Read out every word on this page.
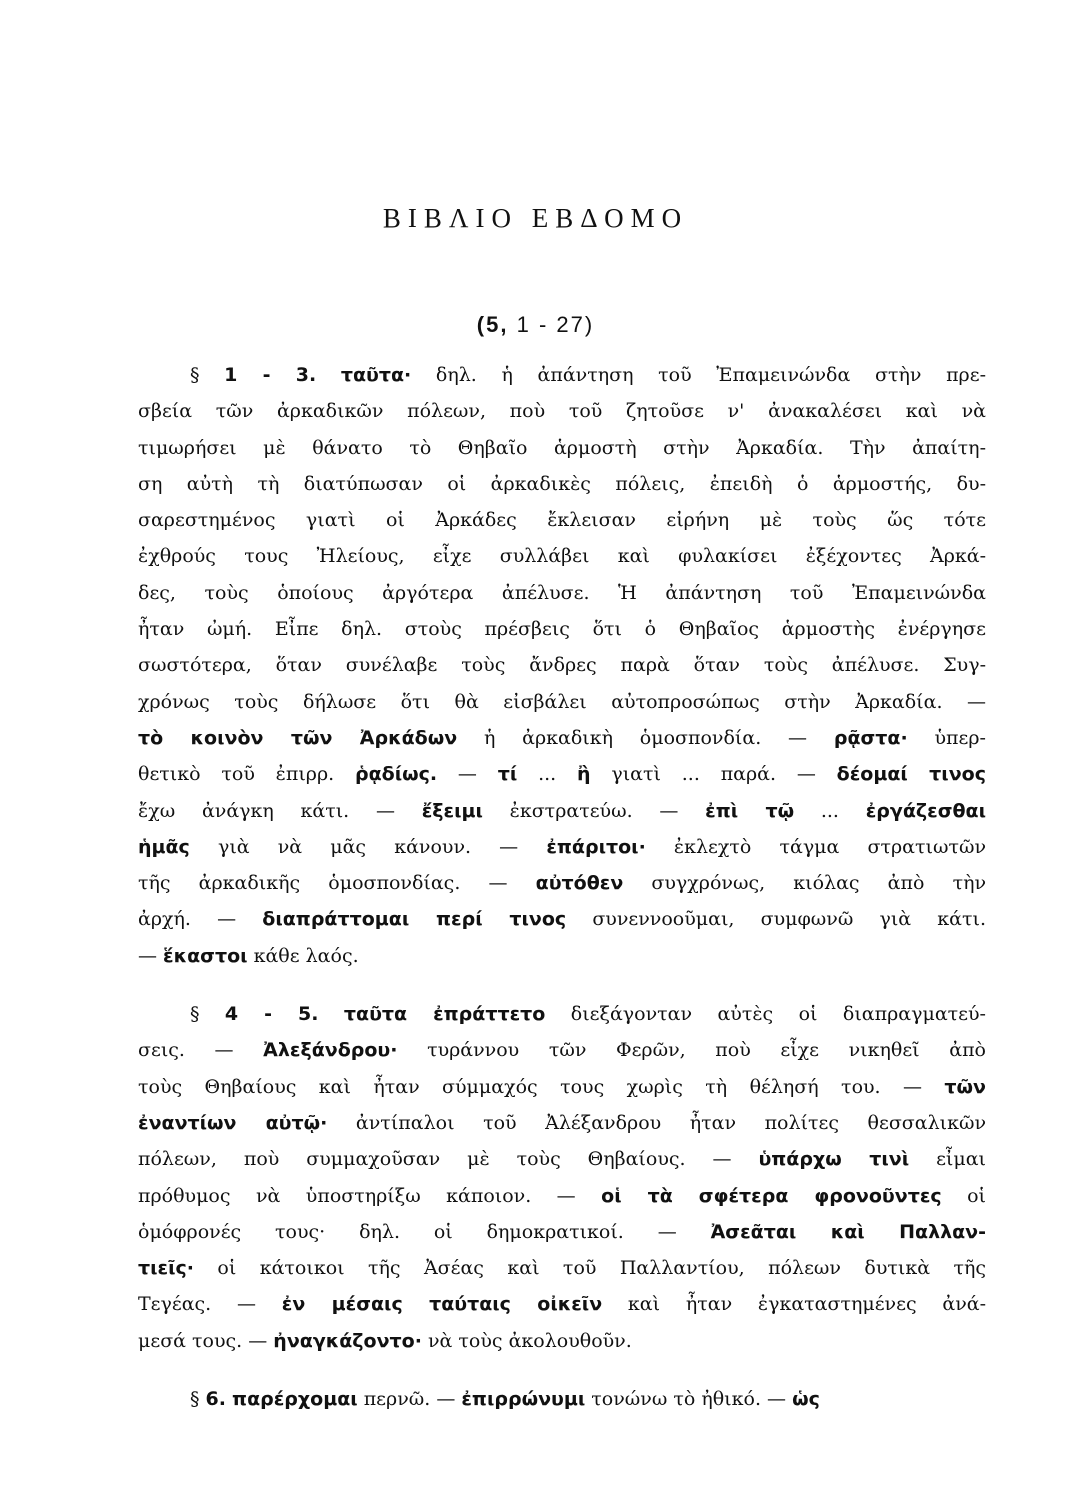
ΒΙΒΛΙΟ ΕΒΔΟΜΟ
(5, 1 - 27)
§ 1 - 3. ταῦτα· δηλ. ἡ ἀπάντηση τοῦ Ἐπαμεινώνδα στὴν πρε-
σβεία τῶν ἀρκαδικῶν πόλεων, ποὺ τοῦ ζητοῦσε ν' ἀνακαλέσει καὶ νὰ
τιμωρήσει μὲ θάνατο τὸ Θηβαῖο ἁρμοστὴ στὴν Ἀρκαδία. Τὴν ἀπαίτη-
ση αὐτὴ τὴ διατύπωσαν οἱ ἀρκαδικὲς πόλεις, ἐπειδὴ ὁ ἁρμοστής, δυ-
σαρεστημένος γιατὶ οἱ Ἀρκάδες ἔκλεισαν εἰρήνη μὲ τοὺς ὥς τότε
ἐχθρούς τους Ἠλείους, εἶχε συλλάβει καὶ φυλακίσει ἐξέχοντες Ἀρκά-
δες, τοὺς ὁποίους ἀργότερα ἀπέλυσε. Ἡ ἀπάντηση τοῦ Ἐπαμεινώνδα
ἦταν ὠμή. Εἶπε δηλ. στοὺς πρέσβεις ὅτι ὁ Θηβαῖος ἁρμοστὴς ἐνέργησε
σωστότερα, ὅταν συνέλαβε τοὺς ἄνδρες παρὰ ὅταν τοὺς ἀπέλυσε. Συγ-
χρόνως τοὺς δήλωσε ὅτι θὰ εἰσβάλει αὐτοπροσώπως στὴν Ἀρκαδία. —
τὸ κοινὸν τῶν Ἀρκάδων ἡ ἀρκαδικὴ ὁμοσπονδία. — ρᾷστα· ὑπερ-
θετικὸ τοῦ ἐπιρρ. ῥᾳδίως. — τί ... ἢ γιατὶ ... παρά. — δέομαί τινος
ἔχω ἀνάγκη κάτι. — ἔξειμι ἐκστρατεύω. — ἐπὶ τῷ ... ἐργάζεσθαι
ἡμᾶς γιὰ νὰ μᾶς κάνουν. — ἐπάριτοι· ἐκλεχτὸ τάγμα στρατιωτῶν
τῆς ἀρκαδικῆς ὁμοσπονδίας. — αὐτόθεν συγχρόνως, κιόλας ἀπὸ τὴν
ἀρχή. — διαπράττομαι περί τινος συνεννοοῦμαι, συμφωνῶ γιὰ κάτι.
— ἕκαστοι κάθε λαός.
§ 4 - 5. ταῦτα ἐπράττετο διεξάγονταν αὐτὲς οἱ διαπραγματεύ-
σεις. — Ἀλεξάνδρου· τυράννου τῶν Φερῶν, ποὺ εἶχε νικηθεῖ ἀπὸ
τοὺς Θηβαίους καὶ ἦταν σύμμαχός τους χωρὶς τὴ θέλησή του. — τῶν
ἐναντίων αὐτῷ· ἀντίπαλοι τοῦ Ἀλέξανδρου ἦταν πολίτες θεσσαλικῶν
πόλεων, ποὺ συμμαχοῦσαν μὲ τοὺς Θηβαίους. — ὑπάρχω τινὶ εἶμαι
πρόθυμος νὰ ὑποστηρίξω κάποιον. — οἱ τὰ σφέτερα φρονοῦντες οἱ
ὁμόφρονές τους· δηλ. οἱ δημοκρατικοί. — Ἀσεᾶται καὶ Παλλαν-
τιεῖς· οἱ κάτοικοι τῆς Ἀσέας καὶ τοῦ Παλλαντίου, πόλεων δυτικὰ τῆς
Τεγέας. — ἐν μέσαις ταύταις οἰκεῖν καὶ ἦταν ἐγκαταστημένες ἀνά-
μεσά τους. — ἠναγκάζοντο· νὰ τοὺς ἀκολουθοῦν.
§ 6. παρέρχομαι περνῶ. — ἐπιρρώνυμι τονώνω τὸ ἠθικό. — ὡς
